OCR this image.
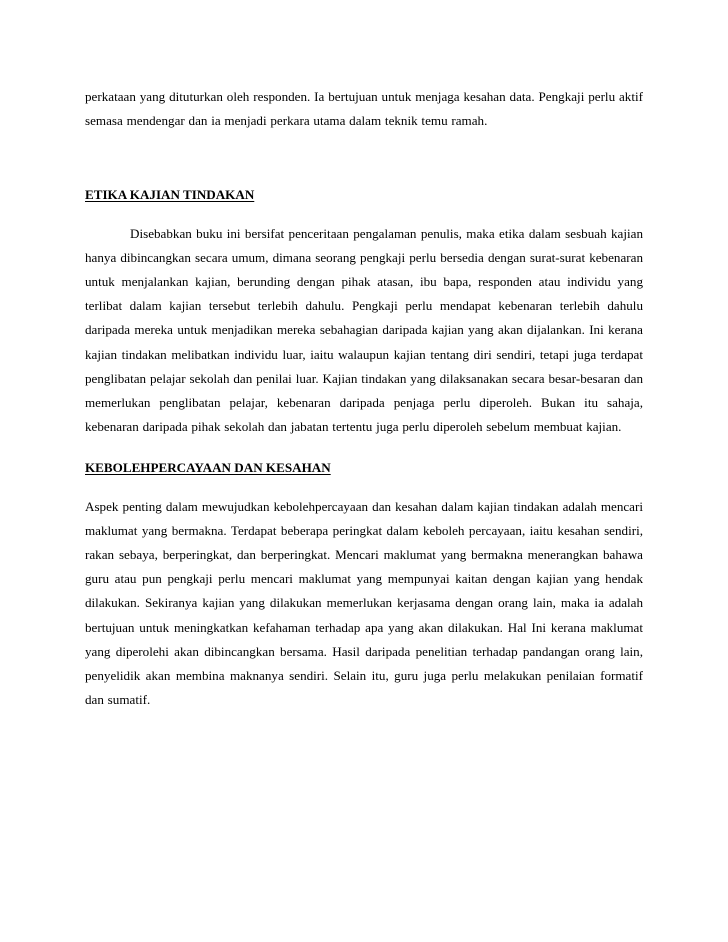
perkataan yang dituturkan oleh responden. Ia bertujuan untuk menjaga kesahan data. Pengkaji perlu aktif semasa mendengar dan ia menjadi perkara utama dalam teknik temu ramah.

ETIKA KAJIAN TINDAKAN

Disebabkan buku ini bersifat penceritaan pengalaman penulis, maka etika dalam sesbuah kajian hanya dibincangkan secara umum, dimana seorang pengkaji perlu bersedia dengan surat-surat kebenaran untuk menjalankan kajian, berunding dengan pihak atasan, ibu bapa, responden atau individu yang terlibat dalam kajian tersebut terlebih dahulu. Pengkaji perlu mendapat kebenaran terlebih dahulu daripada mereka untuk menjadikan mereka sebahagian daripada kajian yang akan dijalankan. Ini kerana kajian tindakan melibatkan individu luar, iaitu walaupun kajian tentang diri sendiri, tetapi juga terdapat penglibatan pelajar sekolah dan penilai luar. Kajian tindakan yang dilaksanakan secara besar-besaran dan memerlukan penglibatan pelajar, kebenaran daripada penjaga perlu diperoleh. Bukan itu sahaja, kebenaran daripada pihak sekolah dan jabatan tertentu juga perlu diperoleh sebelum membuat kajian.

KEBOLEHPERCAYAAN DAN KESAHAN

Aspek penting dalam mewujudkan kebolehpercayaan dan kesahan dalam kajian tindakan adalah mencari maklumat yang bermakna. Terdapat beberapa peringkat dalam keboleh percayaan, iaitu kesahan sendiri, rakan sebaya, berperingkat, dan berperingkat. Mencari maklumat yang bermakna menerangkan bahawa guru atau pun pengkaji perlu mencari maklumat yang mempunyai kaitan dengan kajian yang hendak dilakukan. Sekiranya kajian yang dilakukan memerlukan kerjasama dengan orang lain, maka ia adalah bertujuan untuk meningkatkan kefahaman terhadap apa yang akan dilakukan. Hal Ini kerana maklumat yang diperolehi akan dibincangkan bersama. Hasil daripada penelitian terhadap pandangan orang lain, penyelidik akan membina maknanya sendiri. Selain itu, guru juga perlu melakukan penilaian formatif dan sumatif.
